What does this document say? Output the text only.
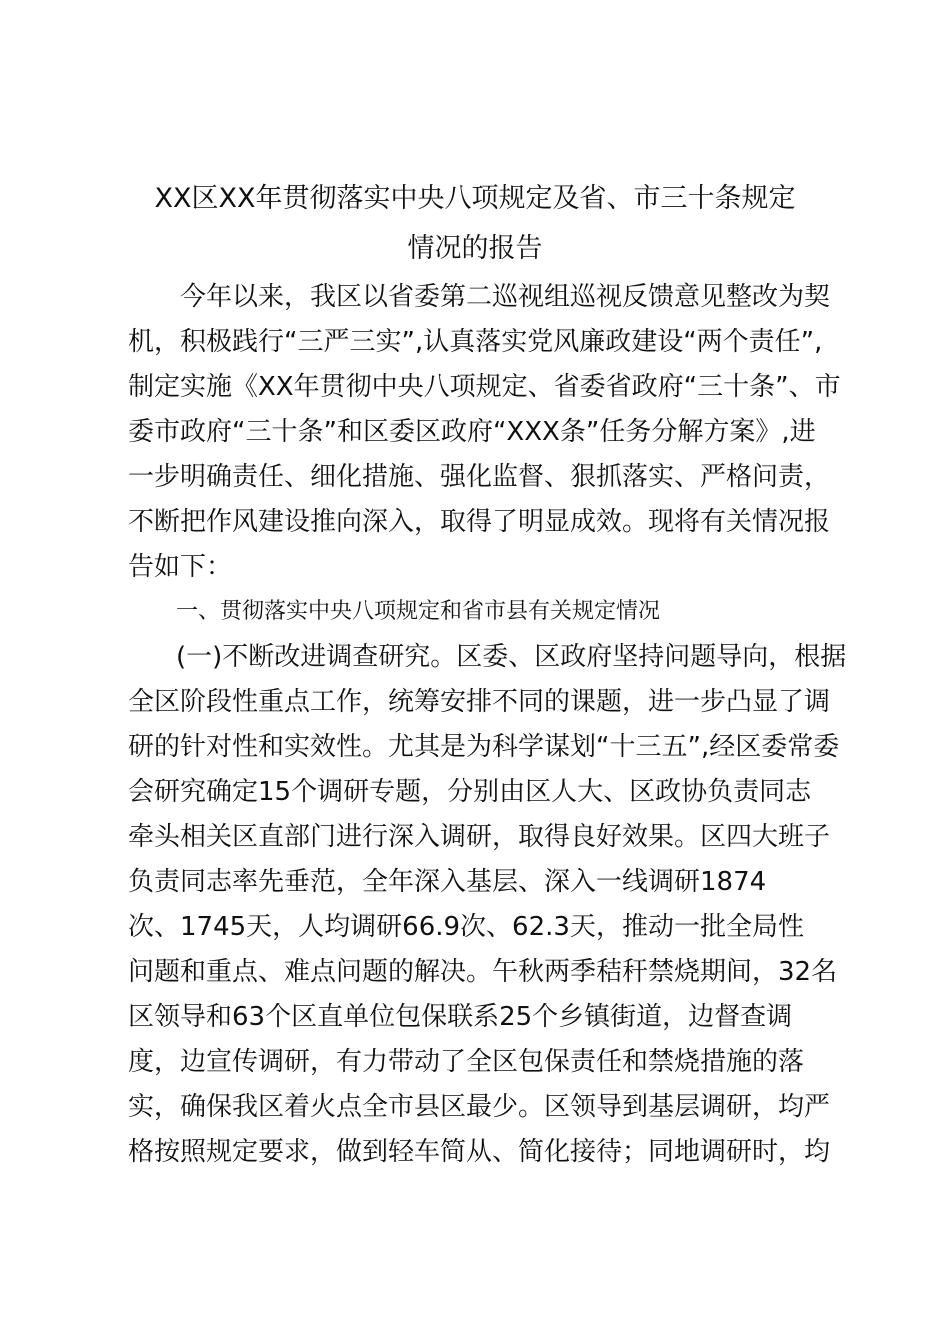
XX区XX年贯彻落实中央八项规定及省、市三十条规定
情况的报告
今年以来，我区以省委第二巡视组巡视反馈意见整改为契
机，积极践行“三严三实”,认真落实党风廉政建设“两个责任”,
制定实施《XX年贯彻中央八项规定、省委省政府“三十条”、市
委市政府“三十条”和区委区政府“XXX条”任务分解方案》,进
一步明确责任、细化措施、强化监督、狠抓落实、严格问责，
不断把作风建设推向深入，取得了明显成效。现将有关情况报
告如下：
一、贯彻落实中央八项规定和省市县有关规定情况
(一)不断改进调查研究。区委、区政府坚持问题导向，根据
全区阶段性重点工作，统筹安排不同的课题，进一步凸显了调
研的针对性和实效性。尤其是为科学谋划“十三五”,经区委常委
会研究确定15个调研专题，分别由区人大、区政协负责同志
牵头相关区直部门进行深入调研，取得良好效果。区四大班子
负责同志率先垂范，全年深入基层、深入一线调研1874
次、1745天，人均调研66.9次、62.3天，推动一批全局性
问题和重点、难点问题的解决。午秋两季秸秆禁烧期间，32名
区领导和63个区直单位包保联系25个乡镇街道，边督查调
度，边宣传调研，有力带动了全区包保责任和禁烧措施的落
实，确保我区着火点全市县区最少。区领导到基层调研，均严
格按照规定要求，做到轻车简从、简化接待；同地调研时，均
